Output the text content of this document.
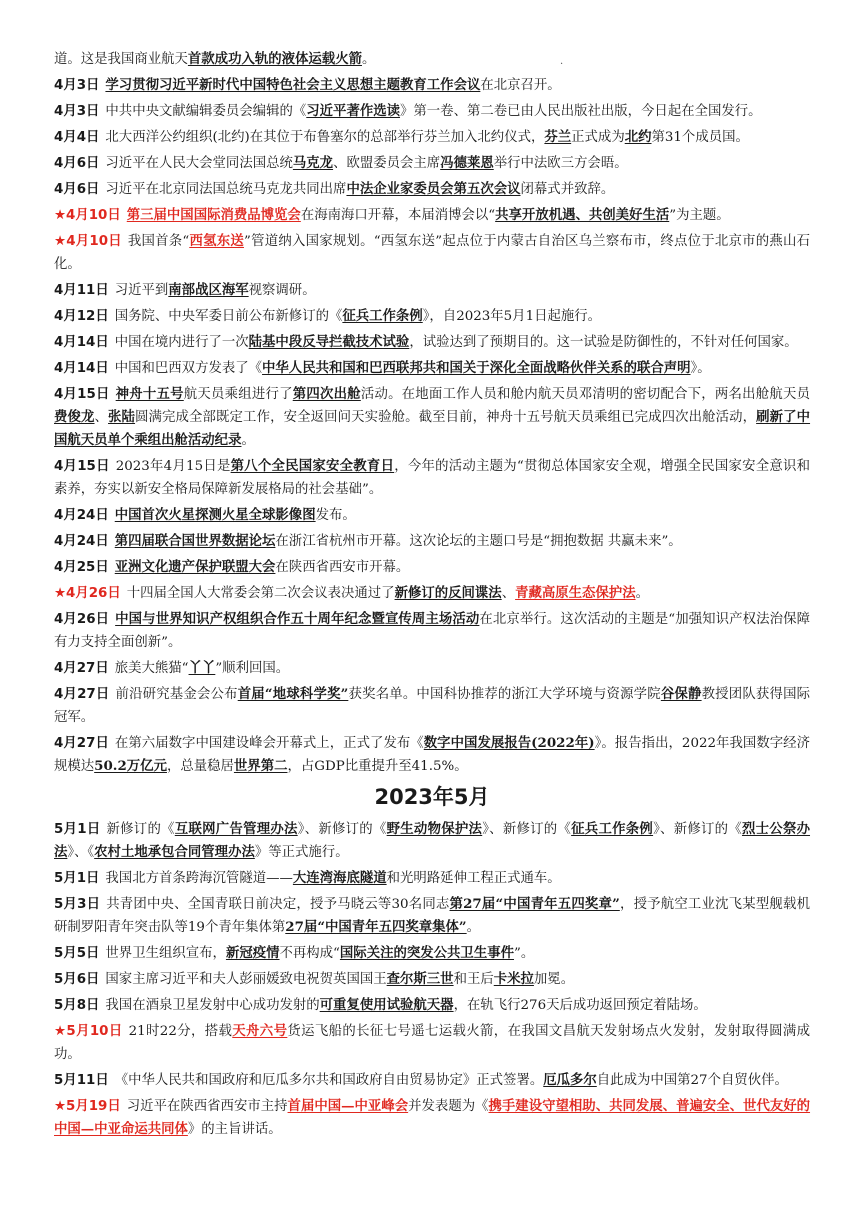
.

道。这是我国商业航天首款成功入轨的液体运载火箭。

4月3日 学习贯彻习近平新时代中国特色社会主义思想主题教育工作会议在北京召开。

4月3日 中共中央文献编辑委员会编辑的《习近平著作选读》第一卷、第二卷已由人民出版社出版，今日起在全国发行。

4月4日 北大西洋公约组织(北约)在其位于布鲁塞尔的总部举行芬兰加入北约仪式，芬兰正式成为北约第31个成员国。

4月6日 习近平在人民大会堂同法国总统马克龙、欧盟委员会主席冯德莱恩举行中法欧三方会晤。

4月6日 习近平在北京同法国总统马克龙共同出席中法企业家委员会第五次会议闭幕式并致辞。

★4月10日 第三届中国国际消费品博览会在海南海口开幕，本届消博会以“共享开放机遇、共创美好生活”为主题。

★4月10日 我国首条“西氢东送”管道纳入国家规划。“西氢东送”起点位于内蒙古自治区乌兰察布市，终点位于北京市的燕山石化。

4月11日 习近平到南部战区海军视察调研。

4月12日 国务院、中央军委日前公布新修订的《征兵工作条例》，自2023年5月1日起施行。

4月14日 中国在境内进行了一次陆基中段反导拦截技术试验，试验达到了预期目的。这一试验是防御性的，不针对任何国家。

4月14日 中国和巴西双方发表了《中华人民共和国和巴西联邦共和国关于深化全面战略伙伴关系的联合声明》。

4月15日 神舟十五号航天员乘组进行了第四次出舱活动。在地面工作人员和舱内航天员邓清明的密切配合下，两名出舱航天员费俊龙、张陆圆满完成全部既定工作，安全返回问天实验舱。截至目前，神舟十五号航天员乘组已完成四次出舱活动，刷新了中国航天员单个乘组出舱活动纪录。

4月15日 2023年4月15日是第八个全民国家安全教育日，今年的活动主题为“贯彻总体国家安全观，增强全民国家安全意识和素养，夯实以新安全格局保障新发展格局的社会基础”。

4月24日 中国首次火星探测火星全球影像图发布。

4月24日 第四届联合国世界数据论坛在浙江省杭州市开幕。这次论坛的主题口号是“拥抱数据 共赢未来”。

4月25日 亚洲文化遗产保护联盟大会在陕西省西安市开幕。

★4月26日 十四届全国人大常委会第二次会议表决通过了新修订的反间谍法、青藏高原生态保护法。

4月26日 中国与世界知识产权组织合作五十周年纪念暨宣传周主场活动在北京举行。这次活动的主题是“加强知识产权法治保障 有力支持全面创新”。

4月27日 旅美大熊猫“丫丫”顺利回国。

4月27日 前沿研究基金会公布首届“地球科学奖”获奖名单。中国科协推荐的浙江大学环境与资源学院谷保静教授团队获得国际冠军。

4月27日 在第六届数字中国建设峰会开幕式上，正式了发布《数字中国发展报告(2022年)》。报告指出，2022年我国数字经济规模达50.2万亿元，总量稳居世界第二，占GDP比重提升至41.5%。

2023年5月

5月1日 新修订的《互联网广告管理办法》、新修订的《野生动物保护法》、新修订的《征兵工作条例》、新修订的《烈士公祭办法》、《农村土地承包合同管理办法》等正式施行。

5月1日 我国北方首条跨海沉管隧道——大连湾海底隧道和光明路延伸工程正式通车。

5月3日 共青团中央、全国青联日前决定，授予马晓云等30名同志第27届“中国青年五四奖章”，授予航空工业沈飞某型舰载机研制罗阳青年突击队等19个青年集体第27届“中国青年五四奖章集体”。

5月5日 世界卫生组织宣布，新冠疫情不再构成“国际关注的突发公共卫生事件”。

5月6日 国家主席习近平和夫人彭丽媛致电祝贺英国国王查尔斯三世和王后卡米拉加冕。

5月8日 我国在酒泉卫星发射中心成功发射的可重复使用试验航天器，在轨飞行276天后成功返回预定着陆场。

★5月10日 21时22分，搭载天舟六号货运飞船的长征七号遥七运载火箭，在我国文昌航天发射场点火发射，发射取得圆满成功。

5月11日 《中华人民共和国政府和厄瓜多尔共和国政府自由贸易协定》正式签署。厄瓜多尔自此成为中国第27个自贸伙伴。

★5月19日 习近平在陕西省西安市主持首届中国—中亚峰会并发表题为《携手建设守望相助、共同发展、普遍安全、世代友好的中国—中亚命运共同体》的主旨讲话。
